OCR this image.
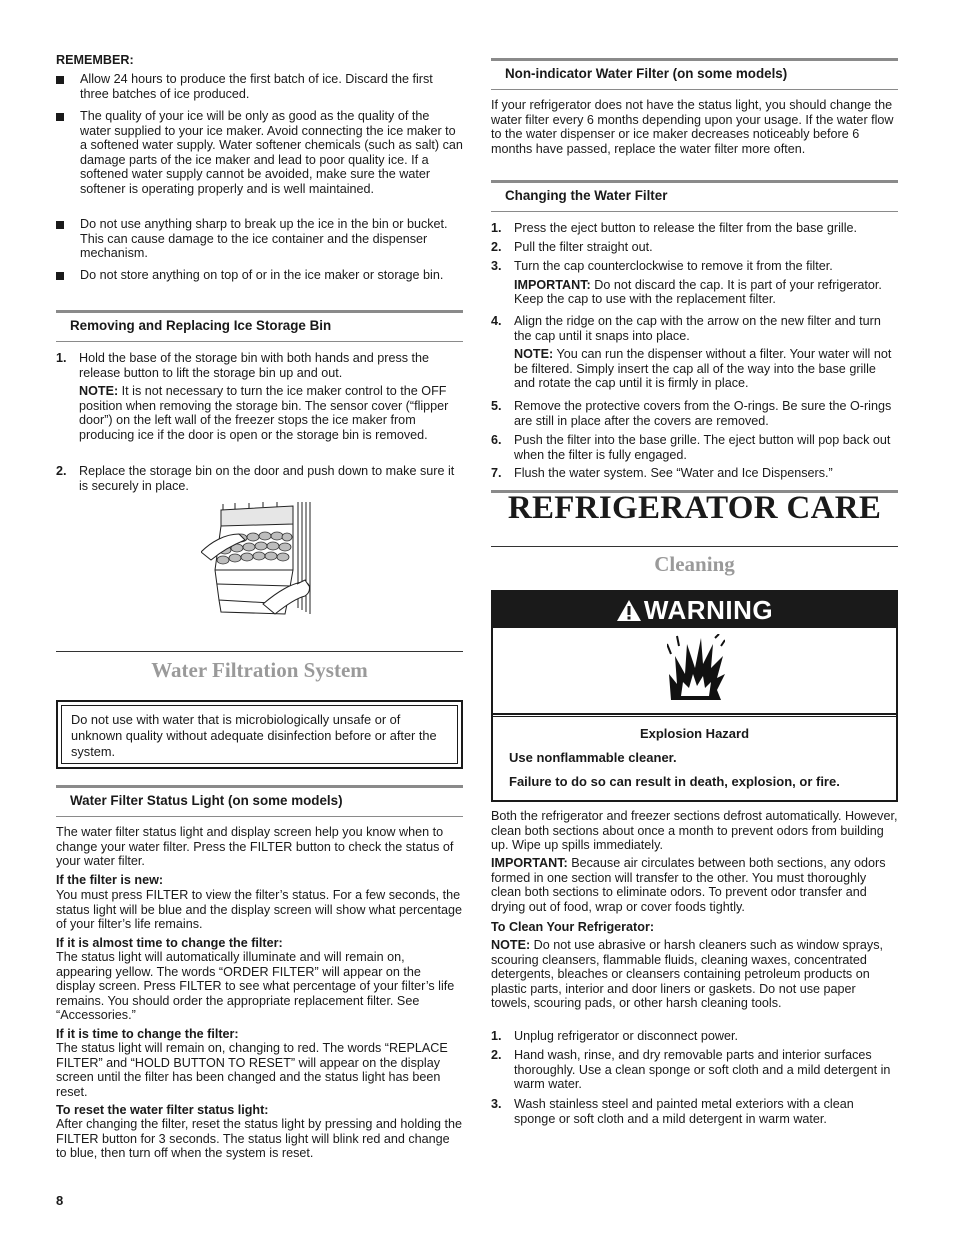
REMEMBER:

Allow 24 hours to produce the first batch of ice. Discard the first three batches of ice produced.

The quality of your ice will be only as good as the quality of the water supplied to your ice maker. Avoid connecting the ice maker to a softened water supply. Water softener chemicals (such as salt) can damage parts of the ice maker and lead to poor quality ice. If a softened water supply cannot be avoided, make sure the water softener is operating properly and is well maintained.

Do not use anything sharp to break up the ice in the bin or bucket. This can cause damage to the ice container and the dispenser mechanism.

Do not store anything on top of or in the ice maker or storage bin.

Removing and Replacing Ice Storage Bin
1. Hold the base of the storage bin with both hands and press the release button to lift the storage bin up and out.

NOTE: It is not necessary to turn the ice maker control to the OFF position when removing the storage bin. The sensor cover (“flipper door”) on the left wall of the freezer stops the ice maker from producing ice if the door is open or the storage bin is removed.

2. Replace the storage bin on the door and push down to make sure it is securely in place.

Water Filtration System

Do not use with water that is microbiologically unsafe or of unknown quality without adequate disinfection before or after the system.

Water Filter Status Light (on some models)

The water filter status light and display screen help you know when to change your water filter. Press the FILTER button to check the status of your water filter.

If the filter is new:

You must press FILTER to view the filter’s status. For a few seconds, the status light will be blue and the display screen will show what percentage of your filter’s life remains.

If it is almost time to change the filter:

The status light will automatically illuminate and will remain on, appearing yellow. The words “ORDER FILTER” will appear on the display screen. Press FILTER to see what percentage of your filter’s life remains. You should order the appropriate replacement filter. See “Accessories.”

If it is time to change the filter:

The status light will remain on, changing to red. The words “REPLACE FILTER” and “HOLD BUTTON TO RESET” will appear on the display screen until the filter has been changed and the status light has been reset.

To reset the water filter status light:

After changing the filter, reset the status light by pressing and holding the FILTER button for 3 seconds. The status light will blink red and change to blue, then turn off when the system is reset.

Non-indicator Water Filter (on some models)

If your refrigerator does not have the status light, you should change the water filter every 6 months depending upon your usage. If the water flow to the water dispenser or ice maker decreases noticeably before 6 months have passed, replace the water filter more often.

Changing the Water Filter
1. Press the eject button to release the filter from the base grille.

2. Pull the filter straight out.

3. Turn the cap counterclockwise to remove it from the filter.

IMPORTANT: Do not discard the cap. It is part of your refrigerator. Keep the cap to use with the replacement filter.

4. Align the ridge on the cap with the arrow on the new filter and turn the cap until it snaps into place.

NOTE: You can run the dispenser without a filter. Your water will not be filtered. Simply insert the cap all of the way into the base grille and rotate the cap until it is firmly in place.

5. Remove the protective covers from the O-rings. Be sure the O-rings are still in place after the covers are removed.

6. Push the filter into the base grille. The eject button will pop back out when the filter is fully engaged.

7. Flush the water system. See “Water and Ice Dispensers.”

REFRIGERATOR CARE
Cleaning
WARNING

Explosion Hazard

Use nonflammable cleaner.

Failure to do so can result in death, explosion, or fire.

Both the refrigerator and freezer sections defrost automatically. However, clean both sections about once a month to prevent odors from building up. Wipe up spills immediately.

IMPORTANT: Because air circulates between both sections, any odors formed in one section will transfer to the other. You must thoroughly clean both sections to eliminate odors. To prevent odor transfer and drying out of food, wrap or cover foods tightly.

To Clean Your Refrigerator:

NOTE: Do not use abrasive or harsh cleaners such as window sprays, scouring cleansers, flammable fluids, cleaning waxes, concentrated detergents, bleaches or cleansers containing petroleum products on plastic parts, interior and door liners or gaskets. Do not use paper towels, scouring pads, or other harsh cleaning tools.

1. Unplug refrigerator or disconnect power.

2. Hand wash, rinse, and dry removable parts and interior surfaces thoroughly. Use a clean sponge or soft cloth and a mild detergent in warm water.

3. Wash stainless steel and painted metal exteriors with a clean sponge or soft cloth and a mild detergent in warm water.

8
